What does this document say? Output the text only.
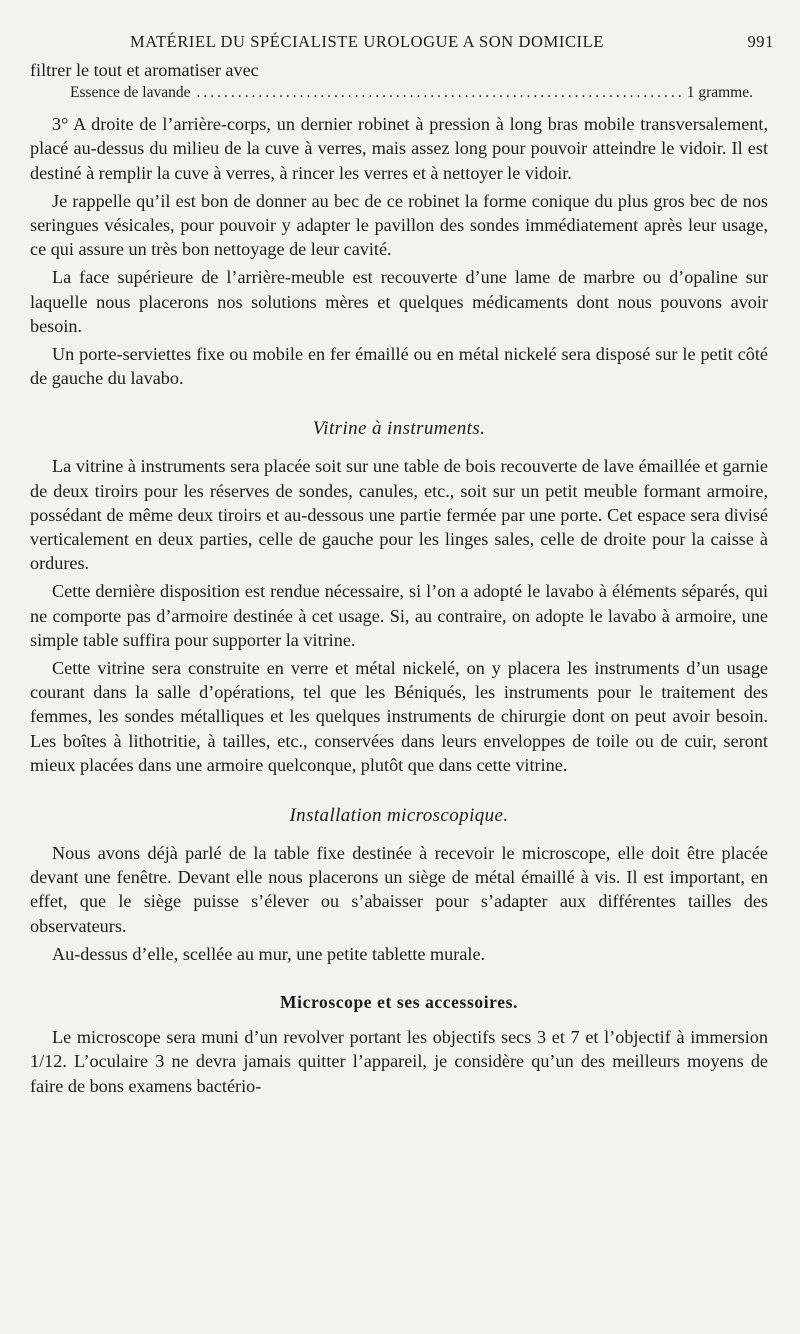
MATÉRIEL DU SPÉCIALISTE UROLOGUE A SON DOMICILE	991

filtrer le tout et aromatiser avec

Essence de lavande
.....	1 gramme.

3° A droite de l’arrière-corps, un dernier robinet à pression à long bras mobile transversalement, placé au-dessus du milieu de la cuve à verres, mais assez long pour pouvoir atteindre le vidoir. Il est destiné à remplir la cuve à verres, à rincer les verres et à nettoyer le vidoir.

Je rappelle qu’il est bon de donner au bec de ce robinet la forme conique du plus gros bec de nos seringues vésicales, pour pouvoir y adapter le pavillon des sondes immédiatement après leur usage, ce qui assure un très bon nettoyage de leur cavité.

La face supérieure de l’arrière-meuble est recouverte d’une lame de marbre ou d’opaline sur laquelle nous placerons nos solutions mères et quelques médicaments dont nous pouvons avoir besoin.

Un porte-serviettes fixe ou mobile en fer émaillé ou en métal nickelé sera disposé sur le petit côté de gauche du lavabo.

Vitrine à instruments.

La vitrine à instruments sera placée soit sur une table de bois recouverte de lave émaillée et garnie de deux tiroirs pour les réserves de sondes, canules, etc., soit sur un petit meuble formant armoire, possédant de même deux tiroirs et au-dessous une partie fermée par une porte. Cet espace sera divisé verticalement en deux parties, celle de gauche pour les linges sales, celle de droite pour la caisse à ordures.

Cette dernière disposition est rendue nécessaire, si l’on a adopté le lavabo à éléments séparés, qui ne comporte pas d’armoire destinée à cet usage. Si, au contraire, on adopte le lavabo à armoire, une simple table suffira pour supporter la vitrine.

Cette vitrine sera construite en verre et métal nickelé, on y placera les instruments d’un usage courant dans la salle d’opérations, tel que les Béniqués, les instruments pour le traitement des femmes, les sondes métalliques et les quelques instruments de chirurgie dont on peut avoir besoin. Les boîtes à lithotritie, à tailles, etc., conservées dans leurs enveloppes de toile ou de cuir, seront mieux placées dans une armoire quelconque, plutôt que dans cette vitrine.

Installation microscopique.

Nous avons déjà parlé de la table fixe destinée à recevoir le microscope, elle doit être placée devant une fenêtre. Devant elle nous placerons un siège de métal émaillé à vis. Il est important, en effet, que le siège puisse s’élever ou s’abaisser pour s’adapter aux différentes tailles des observateurs.

Au-dessus d’elle, scellée au mur, une petite tablette murale.

Microscope et ses accessoires.

Le microscope sera muni d’un revolver portant les objectifs secs 3 et 7 et l’objectif à immersion 1/12. L’oculaire 3 ne devra jamais quitter l’appareil, je considère qu’un des meilleurs moyens de faire de bons examens bactério-
